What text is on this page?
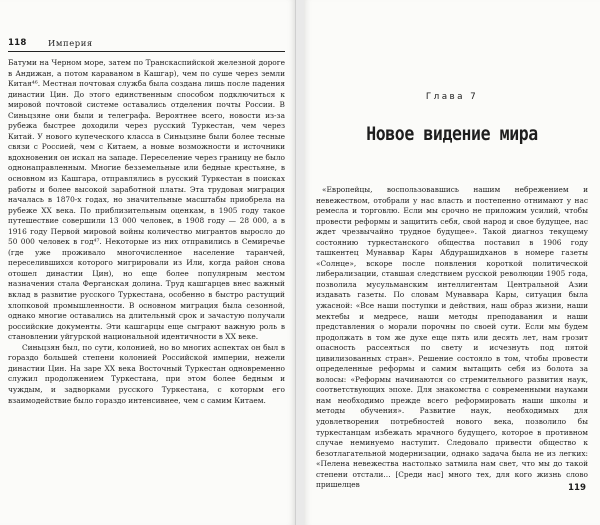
118	Империя

Батуми на Черном море, затем по Транскаспийской железной дороге в Андижан, а потом караваном в Кашгар), чем по суше через земли Китая⁴⁶. Местная почтовая служба была создана лишь после падения династии Цин. До этого единственным способом подключиться к мировой почтовой системе оставались отделения почты России. В Синьцзяне они были и телеграфа. Вероятнее всего, новости из-за рубежа быстрее доходили через русский Туркестан, чем через Китай. У нового купеческого класса в Синьцзяне были более тесные связи с Россией, чем с Китаем, а новые возможности и источники вдохновения он искал на западе. Переселение через границу не было однонаправленным. Многие безземельные или бедные крестьяне, в основном из Кашгара, отправлялись в русский Туркестан в поисках работы и более высокой заработной платы. Эта трудовая миграция началась в 1870-х годах, но значительные масштабы приобрела на рубеже XX века. По приблизительным оценкам, в 1905 году такое путешествие совершили 13 000 человек, в 1908 году — 28 000, а в 1916 году Первой мировой войны количество мигрантов выросло до 50 000 человек в год⁴⁷. Некоторые из них отправились в Семиречье (где уже проживало многочисленное население таранчей, переселившихся которого мигрировали из Или, когда район снова отошел династии Цин), но еще более популярным местом назначения стала Ферганская долина. Труд кашгарцев внес важный вклад в развитие русского Туркестана, особенно в быстро растущий хлопковой промышленности. В основном миграция была сезонной, однако многие оставались на длительный срок и зачастую получали российские документы. Эти кашгарцы еще сыграют важную роль в становлении уйгурской национальной идентичности в XX веке.

Синьцзян был, по сути, колонией, но во многих аспектах он был в гораздо большей степени колонией Российской империи, нежели династии Цин. На заре XX века Восточный Туркестан одновременно служил продолжением Туркестана, при этом более бедным и чуждым, и задворками русского Туркестана, с которым его взаимодействие было гораздо интенсивнее, чем с самим Китаем.

Глава 7
Новое видение мира

«Европейцы, воспользовавшись нашим небрежением и невежеством, отобрали у нас власть и постепенно отнимают у нас ремесла и торговлю. Если мы срочно не приложим усилий, чтобы провести реформы и защитить себя, свой народ и свое будущее, нас ждет чрезвычайно трудное будущее». Такой диагноз текущему состоянию туркестанского общества поставил в 1906 году ташкентец Мунаввар Кары Абдурашидханов в номере газеты «Солнце», вскоре после появления короткой политической либерализации, ставшая следствием русской революции 1905 года, позволила мусульманским интеллигентам Центральной Азии издавать газеты. По словам Мунаввара Кары, ситуация была ужасной: «Все наши поступки и действия, наш образ жизни, наши мектебы и медресе, наши методы преподавания и наши представления о морали порочны по своей сути. Если мы будем продолжать в том же духе еще пять или десять лет, нам грозит опасность рассеяться по свету и исчезнуть под пятой цивилизованных стран». Решение состояло в том, чтобы провести определенные реформы и самим вытащить себя из болота за волосы: «Реформы начинаются со стремительного развития наук, соответствующих эпохе. Для знакомства с современными науками нам необходимо прежде всего реформировать наши школы и методы обучения». Развитие наук, необходимых для удовлетворения потребностей нового века, позволило бы туркестанцам избежать мрачного будущего, которое в противном случае неминуемо наступит. Следовало привести общество к безотлагательной модернизации, однако задача была не из легких: «Пелена невежества настолько затмила нам свет, что мы до такой степени отстали… [Среди нас] много тех, для кого жизнь слово пришелцев	119
